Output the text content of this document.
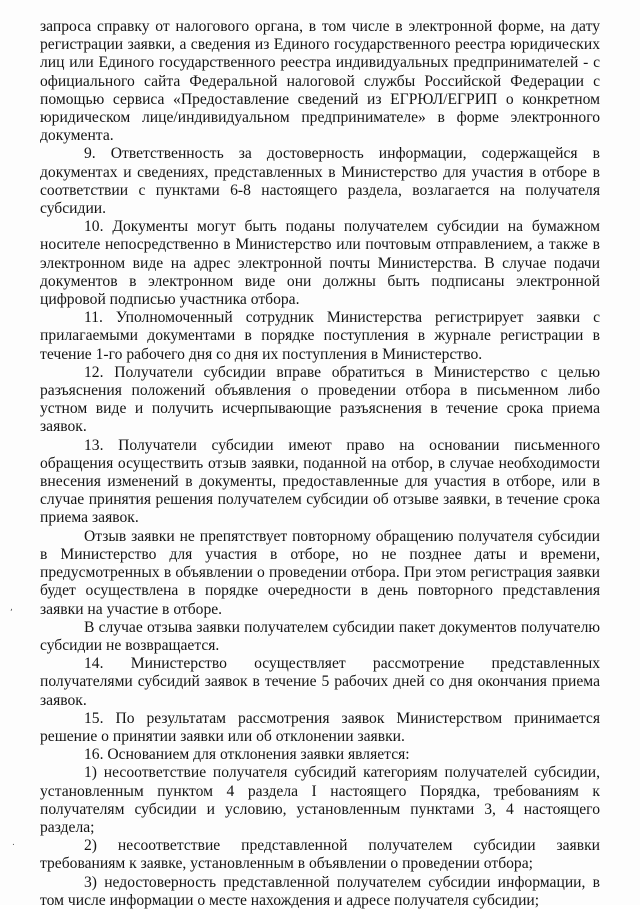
запроса справку от налогового органа, в том числе в электронной форме, на дату регистрации заявки, а сведения из Единого государственного реестра юридических лиц или Единого государственного реестра индивидуальных предпринимателей - с официального сайта Федеральной налоговой службы Российской Федерации с помощью сервиса «Предоставление сведений из ЕГРЮЛ/ЕГРИП о конкретном юридическом лице/индивидуальном предпринимателе» в форме электронного документа.

9. Ответственность за достоверность информации, содержащейся в документах и сведениях, представленных в Министерство для участия в отборе в соответствии с пунктами 6-8 настоящего раздела, возлагается на получателя субсидии.

10. Документы могут быть поданы получателем субсидии на бумажном носителе непосредственно в Министерство или почтовым отправлением, а также в электронном виде на адрес электронной почты Министерства. В случае подачи документов в электронном виде они должны быть подписаны электронной цифровой подписью участника отбора.

11. Уполномоченный сотрудник Министерства регистрирует заявки с прилагаемыми документами в порядке поступления в журнале регистрации в течение 1-го рабочего дня со дня их поступления в Министерство.

12. Получатели субсидии вправе обратиться в Министерство с целью разъяснения положений объявления о проведении отбора в письменном либо устном виде и получить исчерпывающие разъяснения в течение срока приема заявок.

13. Получатели субсидии имеют право на основании письменного обращения осуществить отзыв заявки, поданной на отбор, в случае необходимости внесения изменений в документы, предоставленные для участия в отборе, или в случае принятия решения получателем субсидии об отзыве заявки, в течение срока приема заявок.

Отзыв заявки не препятствует повторному обращению получателя субсидии в Министерство для участия в отборе, но не позднее даты и времени, предусмотренных в объявлении о проведении отбора. При этом регистрация заявки будет осуществлена в порядке очередности в день повторного представления заявки на участие в отборе.

В случае отзыва заявки получателем субсидии пакет документов получателю субсидии не возвращается.

14. Министерство осуществляет рассмотрение представленных получателями субсидий заявок в течение 5 рабочих дней со дня окончания приема заявок.

15. По результатам рассмотрения заявок Министерством принимается решение о принятии заявки или об отклонении заявки.

16. Основанием для отклонения заявки является:

1) несоответствие получателя субсидий категориям получателей субсидии, установленным пунктом 4 раздела I настоящего Порядка, требованиям к получателям субсидии и условию, установленным пунктами 3, 4 настоящего раздела;

2) несоответствие представленной получателем субсидии заявки требованиям к заявке, установленным в объявлении о проведении отбора;

3) недостоверность представленной получателем субсидии информации, в том числе информации о месте нахождения и адресе получателя субсидии;

,
.
